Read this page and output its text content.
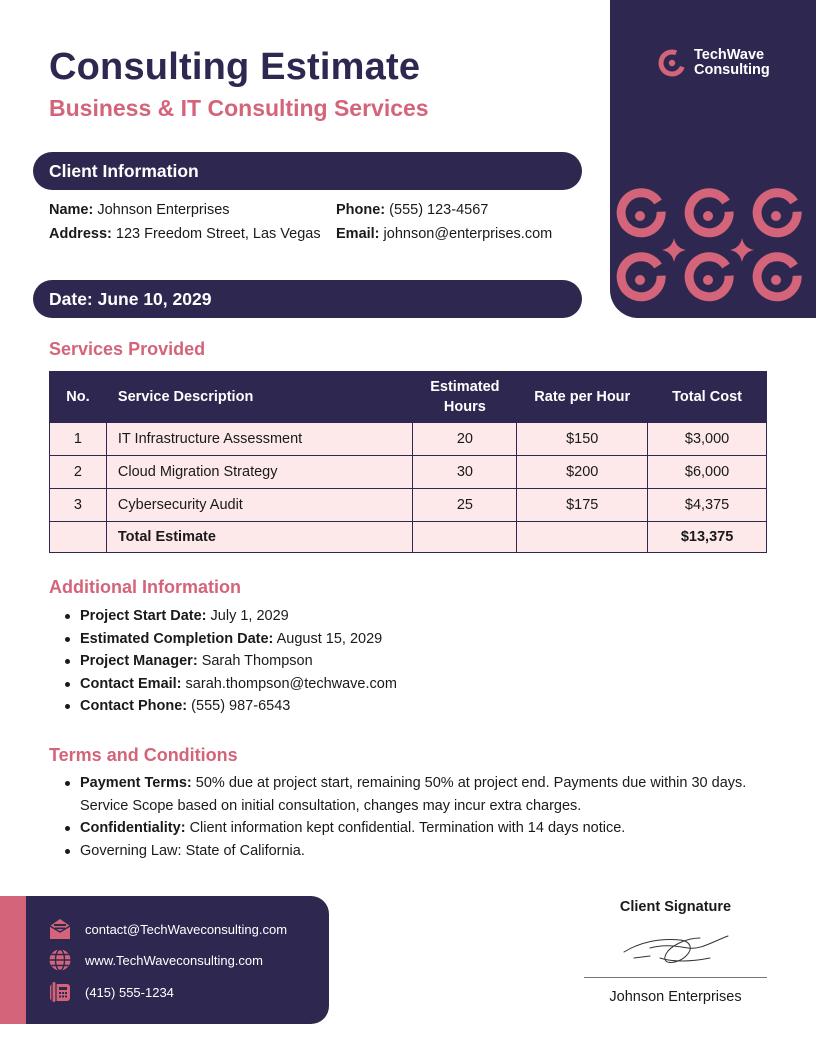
Consulting Estimate
Business & IT Consulting Services
TechWave
Consulting
Client Information
Name: Johnson Enterprises
Address: 123 Freedom Street, Las Vegas
Phone: (555) 123-4567
Email: johnson@enterprises.com
Date: June 10, 2029
Services Provided
No.	Service Description	Estimated Hours	Rate per Hour	Total Cost
1	IT Infrastructure Assessment	20	$150	$3,000
2	Cloud Migration Strategy	30	$200	$6,000
3	Cybersecurity Audit	25	$175	$4,375
	Total Estimate			$13,375
Additional Information
Project Start Date: July 1, 2029
Estimated Completion Date: August 15, 2029
Project Manager: Sarah Thompson
Contact Email: sarah.thompson@techwave.com
Contact Phone: (555) 987-6543
Terms and Conditions
Payment Terms: 50% due at project start, remaining 50% at project end. Payments due within 30 days. Service Scope based on initial consultation, changes may incur extra charges.
Confidentiality: Client information kept confidential. Termination with 14 days notice.
Governing Law: State of California.
contact@TechWaveconsulting.com
www.TechWaveconsulting.com
(415) 555-1234
Client Signature
Johnson Enterprises
